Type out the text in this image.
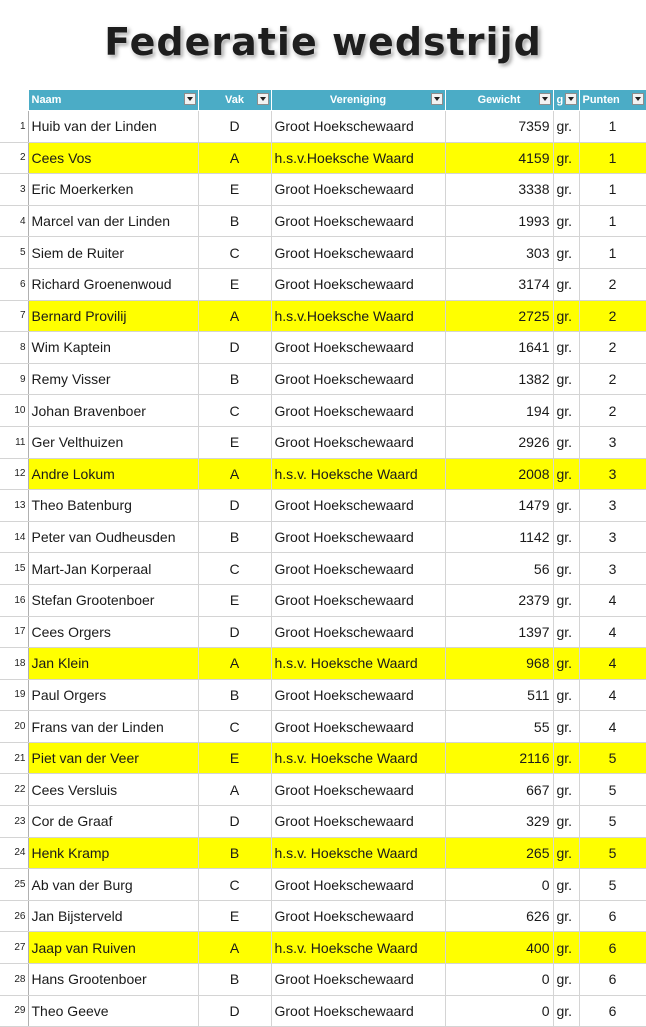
Federatie wedstrijd
	Naam	Vak	Vereniging	Gewicht	g	Punten

1	Huib van der Linden	D	Groot Hoekschewaard	7359	gr.	1
2	Cees Vos	A	h.s.v.Hoeksche Waard	4159	gr.	1
3	Eric Moerkerken	E	Groot Hoekschewaard	3338	gr.	1
4	Marcel van der Linden	B	Groot Hoekschewaard	1993	gr.	1
5	Siem de Ruiter	C	Groot Hoekschewaard	303	gr.	1
6	Richard Groenenwoud	E	Groot Hoekschewaard	3174	gr.	2
7	Bernard Provilij	A	h.s.v.Hoeksche Waard	2725	gr.	2
8	Wim Kaptein	D	Groot Hoekschewaard	1641	gr.	2
9	Remy Visser	B	Groot Hoekschewaard	1382	gr.	2
10	Johan Bravenboer	C	Groot Hoekschewaard	194	gr.	2
11	Ger Velthuizen	E	Groot Hoekschewaard	2926	gr.	3
12	Andre Lokum	A	h.s.v. Hoeksche Waard	2008	gr.	3
13	Theo Batenburg	D	Groot Hoekschewaard	1479	gr.	3
14	Peter van Oudheusden	B	Groot Hoekschewaard	1142	gr.	3
15	Mart-Jan Korperaal	C	Groot Hoekschewaard	56	gr.	3
16	Stefan Grootenboer	E	Groot Hoekschewaard	2379	gr.	4
17	Cees Orgers	D	Groot Hoekschewaard	1397	gr.	4
18	Jan Klein	A	h.s.v. Hoeksche Waard	968	gr.	4
19	Paul Orgers	B	Groot Hoekschewaard	511	gr.	4
20	Frans van der Linden	C	Groot Hoekschewaard	55	gr.	4
21	Piet van der Veer	E	h.s.v. Hoeksche Waard	2116	gr.	5
22	Cees Versluis	A	Groot Hoekschewaard	667	gr.	5
23	Cor de Graaf	D	Groot Hoekschewaard	329	gr.	5
24	Henk Kramp	B	h.s.v. Hoeksche Waard	265	gr.	5
25	Ab van der Burg	C	Groot Hoekschewaard	0	gr.	5
26	Jan Bijsterveld	E	Groot Hoekschewaard	626	gr.	6
27	Jaap van Ruiven	A	h.s.v. Hoeksche Waard	400	gr.	6
28	Hans Grootenboer	B	Groot Hoekschewaard	0	gr.	6
29	Theo Geeve	D	Groot Hoekschewaard	0	gr.	6
